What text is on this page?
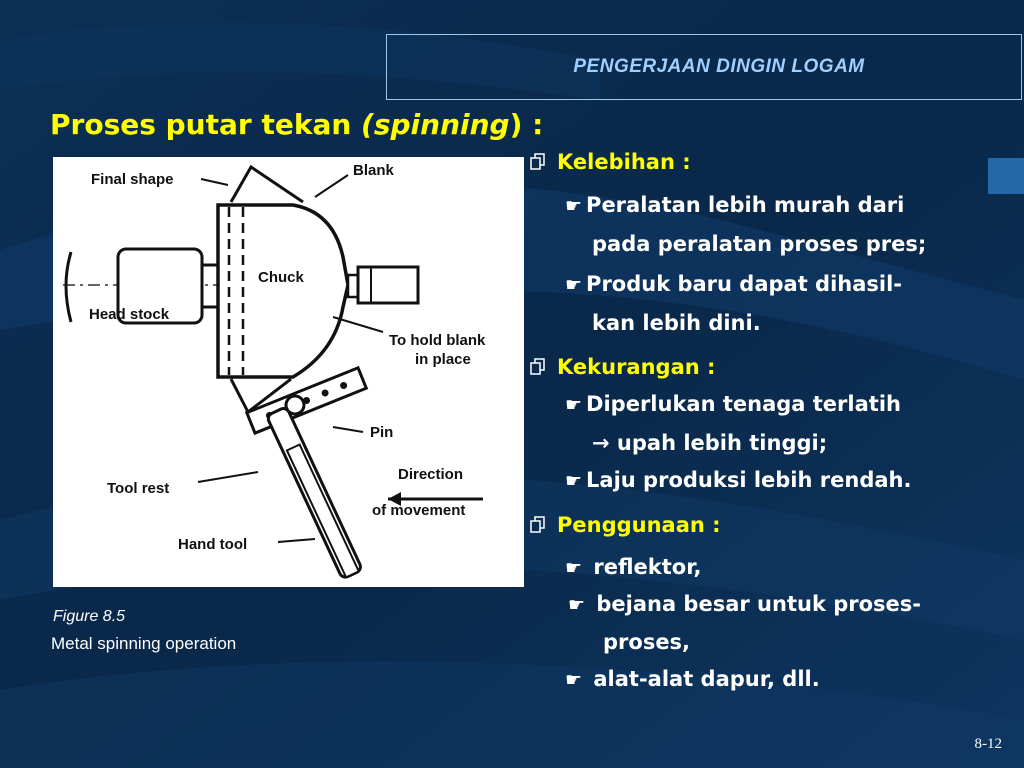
PENGERJAAN DINGIN LOGAM
Proses putar tekan (spinning) :
Final shape
Blank
Chuck
Head stock
To hold blank
in place
Pin
Tool rest
Direction
of movement
Hand tool
Figure 8.5
Metal spinning operation
Kelebihan :
☛ Peralatan lebih murah dari
pada peralatan proses pres;
☛ Produk baru dapat dihasil-
kan lebih dini.
Kekurangan :
☛ Diperlukan tenaga terlatih
→ upah lebih tinggi;
☛ Laju produksi lebih rendah.
Penggunaan :
☛ reflektor,
☛ bejana besar untuk proses-
proses,
☛ alat-alat dapur, dll.
8-12
